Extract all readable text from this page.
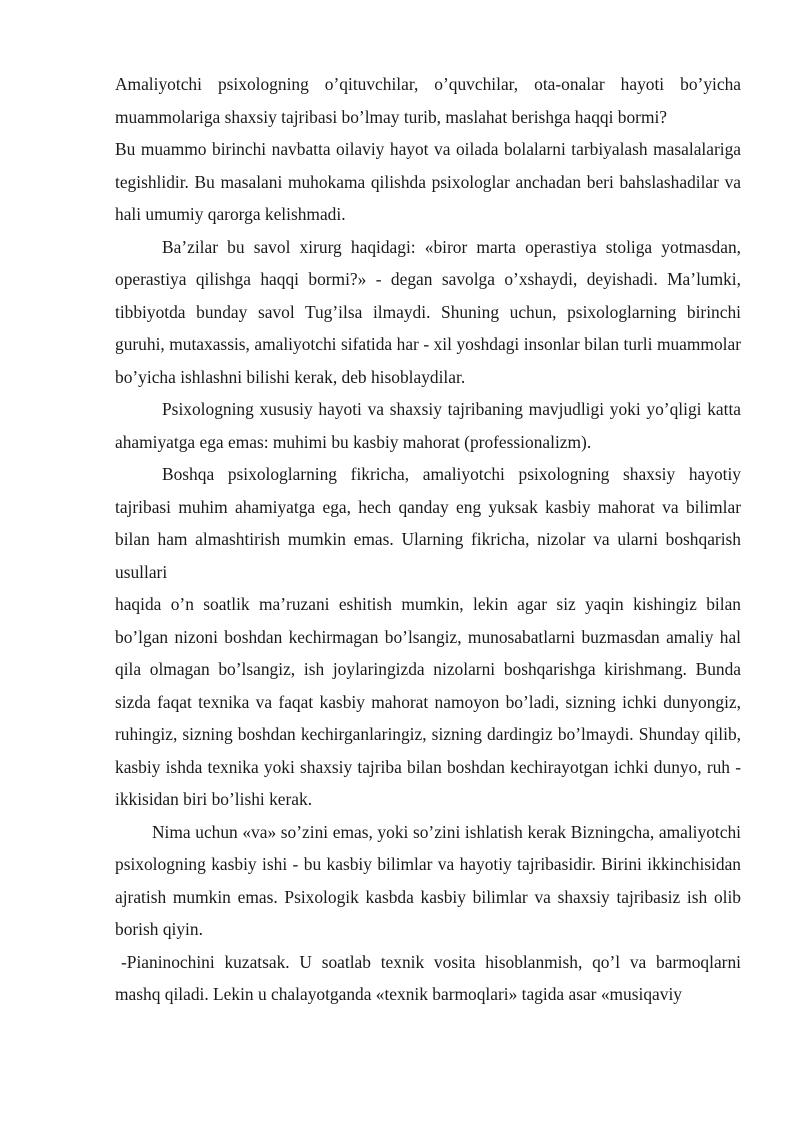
Amaliyotchi psixologning o’qituvchilar, o’quvchilar, ota-onalar hayoti bo’yicha muammolariga shaxsiy tajribasi bo’lmay turib, maslahat berishga haqqi bormi?

Bu muammo birinchi navbatta oilaviy hayot va oilada bolalarni tarbiyalash masalalariga tegishlidir. Bu masalani muhokama qilishda psixologlar anchadan beri bahslashadilar va hali umumiy qarorga kelishmadi.

Ba’zilar bu savol xirurg haqidagi: «biror marta operastiya stoliga yotmasdan, operastiya qilishga haqqi bormi?» - degan savolga o’xshaydi, deyishadi. Ma’lumki, tibbiyotda bunday savol Tug’ilsa ilmaydi. Shuning uchun, psixologlarning birinchi guruhi, mutaxassis, amaliyotchi sifatida har - xil yoshdagi insonlar bilan turli muammolar bo’yicha ishlashni bilishi kerak, deb hisoblaydilar.

Psixologning xususiy hayoti va shaxsiy tajribaning mavjudligi yoki yo’qligi katta ahamiyatga ega emas: muhimi bu kasbiy mahorat (professionalizm).

Boshqa psixologlarning fikricha, amaliyotchi psixologning shaxsiy hayotiy tajribasi muhim ahamiyatga ega, hech qanday eng yuksak kasbiy mahorat va bilimlar bilan ham almashtirish mumkin emas. Ularning fikricha, nizolar va ularni boshqarish usullari

haqida o’n soatlik ma’ruzani eshitish mumkin, lekin agar siz yaqin kishingiz bilan bo’lgan nizoni boshdan kechirmagan bo’lsangiz, munosabatlarni buzmasdan amaliy hal qila olmagan bo’lsangiz, ish joylaringizda nizolarni boshqarishga kirishmang. Bunda sizda faqat texnika va faqat kasbiy mahorat namoyon bo’ladi, sizning ichki dunyongiz, ruhingiz, sizning boshdan kechirganlaringiz, sizning dardingiz bo’lmaydi. Shunday qilib, kasbiy ishda texnika yoki shaxsiy tajriba bilan boshdan kechirayotgan ichki dunyo, ruh - ikkisidan biri bo’lishi kerak.

Nima uchun «va» so’zini emas, yoki so’zini ishlatish kerak Bizningcha, amaliyotchi psixologning kasbiy ishi - bu kasbiy bilimlar va hayotiy tajribasidir. Birini ikkinchisidan ajratish mumkin emas. Psixologik kasbda kasbiy bilimlar va shaxsiy tajribasiz ish olib borish qiyin.

-Pianinochini kuzatsak. U soatlab texnik vosita hisoblanmish, qo’l va barmoqlarni mashq qiladi. Lekin u chalayotganda «texnik barmoqlari» tagida asar «musiqaviy
